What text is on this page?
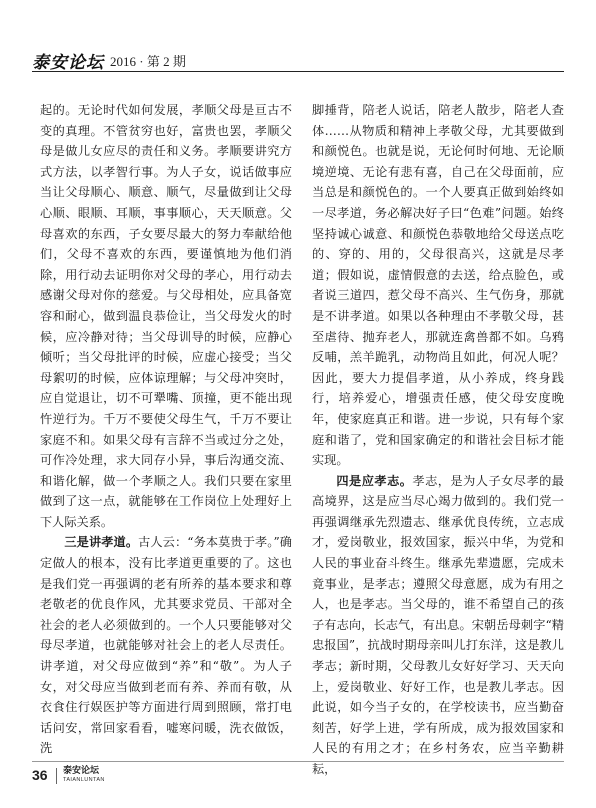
泰安论坛 2016 · 第 2 期

起的。无论时代如何发展，孝顺父母是亘古不变的真理。不管贫穷也好，富贵也罢，孝顺父母是做儿女应尽的责任和义务。孝顺要讲究方式方法，以孝智行事。为人子女，说话做事应当让父母顺心、顺意、顺气，尽量做到让父母心顺、眼顺、耳顺，事事顺心，天天顺意。父母喜欢的东西，子女要尽最大的努力奉献给他们，父母不喜欢的东西，要谨慎地为他们消除，用行动去证明你对父母的孝心，用行动去感谢父母对你的慈爱。与父母相处，应具备宽容和耐心，做到温良恭俭让，当父母发火的时候，应冷静对待；当父母训导的时候，应静心倾听；当父母批评的时候，应虚心接受；当父母絮叨的时候，应体谅理解；与父母冲突时，应自觉退让，切不可犟嘴、顶撞，更不能出现忤逆行为。千万不要使父母生气，千万不要让家庭不和。如果父母有言辞不当或过分之处，可作冷处理，求大同存小异，事后沟通交流、和谐化解，做一个孝顺之人。我们只要在家里做到了这一点，就能够在工作岗位上处理好上下人际关系。

三是讲孝道。古人云：“务本莫贵于孝。”确定做人的根本，没有比孝道更重要的了。这也是我们党一再强调的老有所养的基本要求和尊老敬老的优良作风，尤其要求党员、干部对全社会的老人必须做到的。一个人只要能够对父母尽孝道，也就能够对社会上的老人尽责任。讲孝道，对父母应做到“养”和“敬”。为人子女，对父母应当做到老而有养、养而有敬，从衣食住行娱医护等方面进行周到照顾，常打电话问安，常回家看看，嘘寒问暖，洗衣做饭，洗

脚捶背，陪老人说话，陪老人散步，陪老人查体……从物质和精神上孝敬父母，尤其要做到和颜悦色。也就是说，无论何时何地、无论顺境逆境、无论有悲有喜，自己在父母面前，应当总是和颜悦色的。一个人要真正做到始终如一尽孝道，务必解决好子曰“色难”问题。始终坚持诚心诚意、和颜悦色恭敬地给父母送点吃的、穿的、用的，父母很高兴，这就是尽孝道；假如说，虚情假意的去送，给点脸色，或者说三道四，惹父母不高兴、生气伤身，那就是不讲孝道。如果以各种理由不孝敬父母，甚至虐待、抛弃老人，那就连禽兽都不如。乌鸦反哺，羔羊跪乳，动物尚且如此，何况人呢？因此，要大力提倡孝道，从小养成，终身践行，培养爱心，增强责任感，使父母安度晚年，使家庭真正和谐。进一步说，只有每个家庭和谐了，党和国家确定的和谐社会目标才能实现。

四是应孝志。孝志，是为人子女尽孝的最高境界，这是应当尽心竭力做到的。我们党一再强调继承先烈遗志、继承优良传统，立志成才，爱岗敬业，报效国家，振兴中华，为党和人民的事业奋斗终生。继承先辈遗愿，完成未竟事业，是孝志；遵照父母意愿，成为有用之人，也是孝志。当父母的，谁不希望自己的孩子有志向，长志气，有出息。宋朝岳母刺字“精忠报国”，抗战时期母亲叫儿打东洋，这是教儿孝志；新时期，父母教儿女好好学习、天天向上，爱岗敬业、好好工作，也是教儿孝志。因此说，如今当子女的，在学校读书，应当勤奋刻苦，好学上进，学有所成，成为报效国家和人民的有用之才；在乡村务农，应当辛勤耕耘，

36 泰安论坛
TAIANLUNTAN
